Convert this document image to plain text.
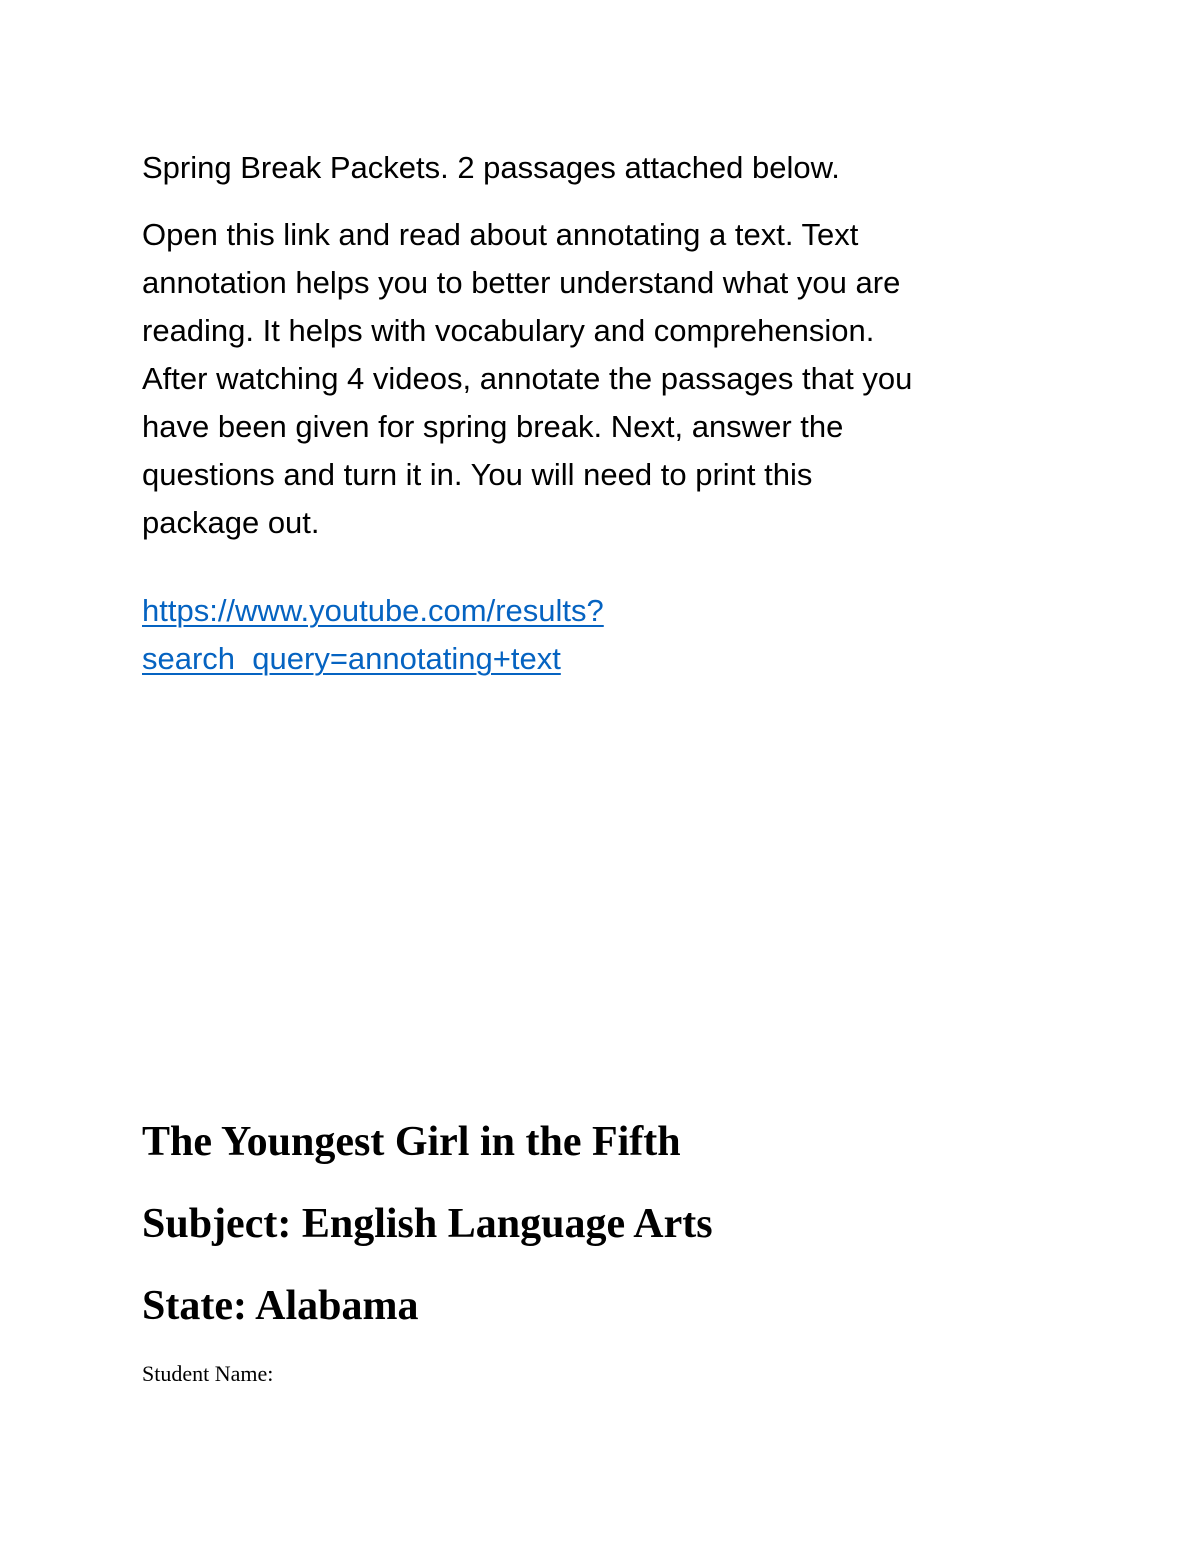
Spring Break Packets. 2 passages attached below.

Open this link and read about annotating a text. Text
annotation helps you to better understand what you are
reading. It helps with vocabulary and comprehension.
After watching 4 videos, annotate the passages that you
have been given for spring break. Next, answer the
questions and turn it in. You will need to print this
package out.

https://www.youtube.com/results?
search_query=annotating+text
The Youngest Girl in the Fifth
Subject: English Language Arts
State: Alabama

Student Name:
